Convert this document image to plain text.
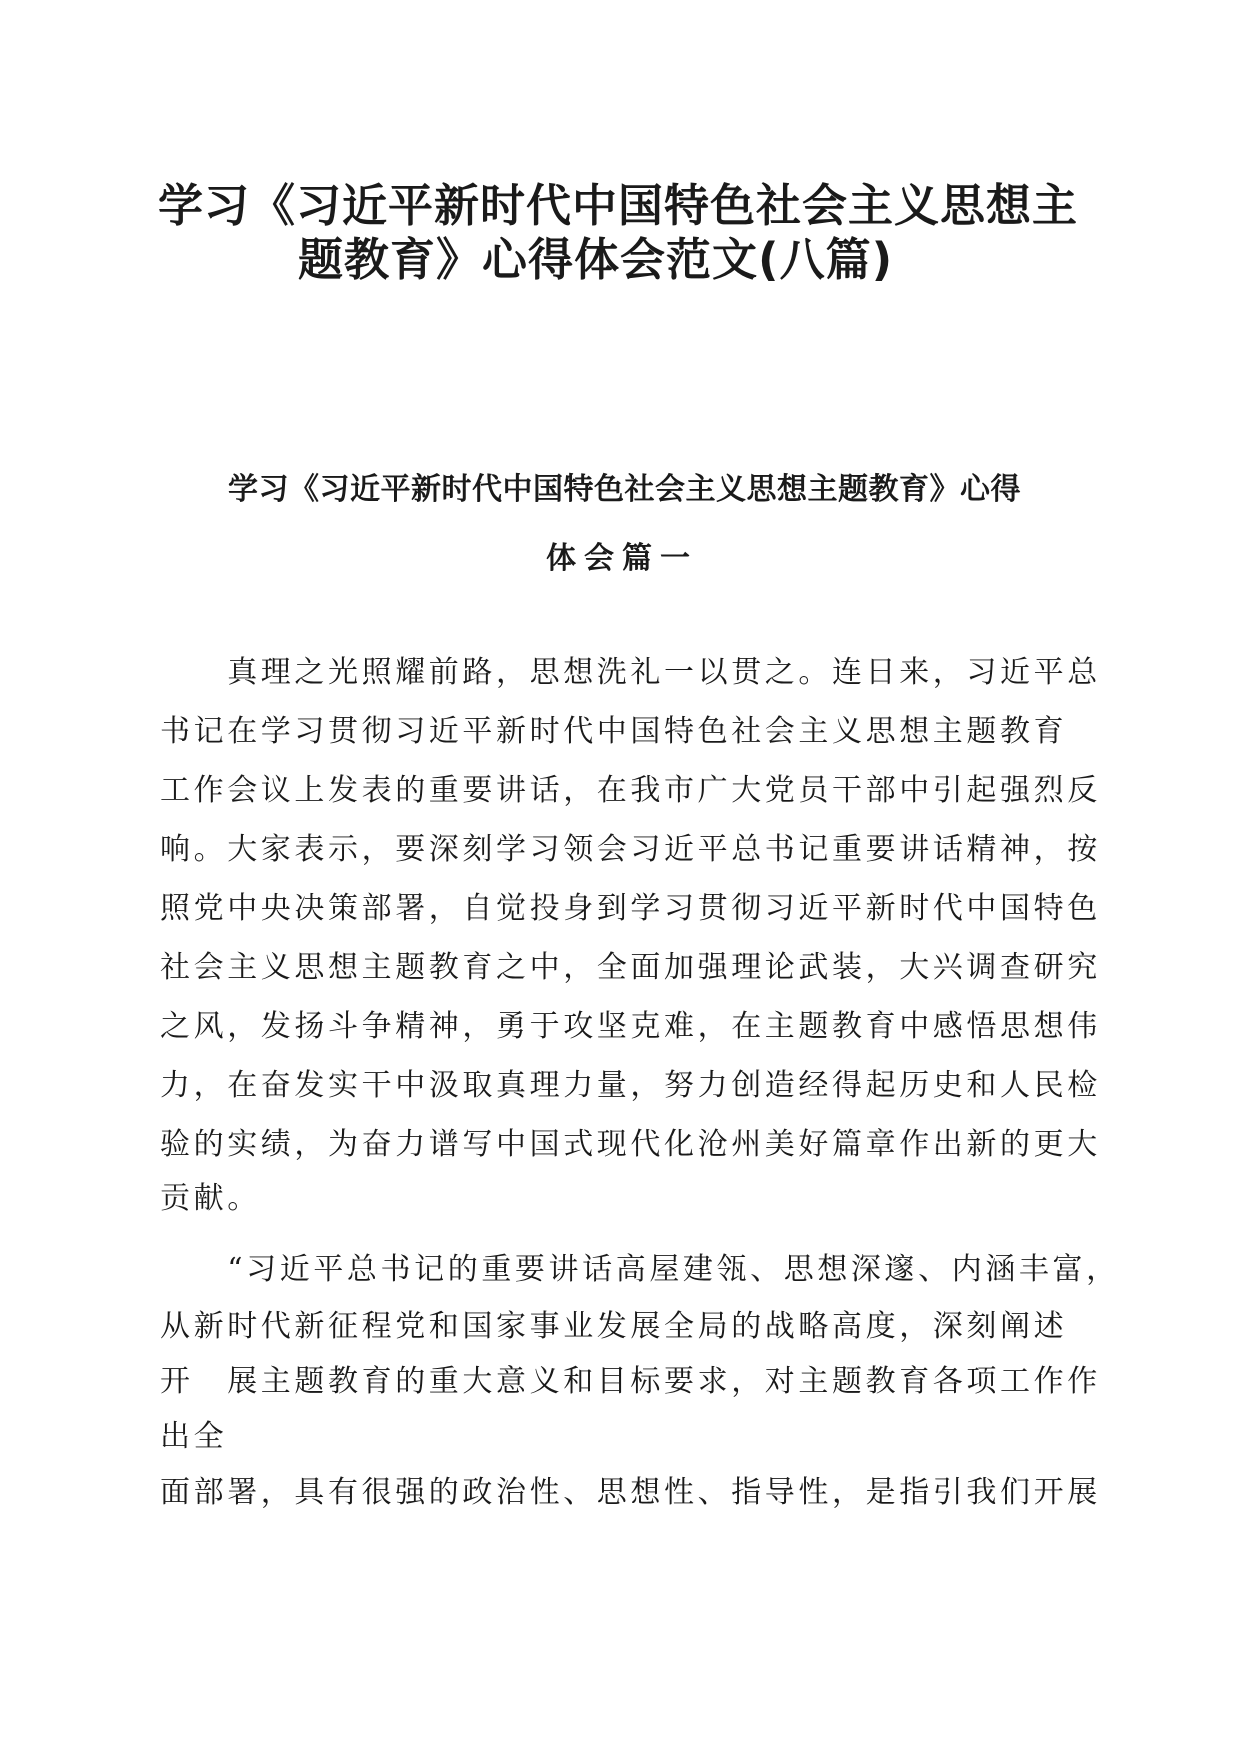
学习《习近平新时代中国特色社会主义思想主
题教育》心得体会范文(八篇)
学习《习近平新时代中国特色社会主义思想主题教育》心得
体会篇一

　　真理之光照耀前路，思想洗礼一以贯之。连日来，习近平总

书记在学习贯彻习近平新时代中国特色社会主义思想主题教育

工作会议上发表的重要讲话，在我市广大党员干部中引起强烈反

响。大家表示，要深刻学习领会习近平总书记重要讲话精神，按

照党中央决策部署，自觉投身到学习贯彻习近平新时代中国特色

社会主义思想主题教育之中，全面加强理论武装，大兴调查研究

之风，发扬斗争精神，勇于攻坚克难，在主题教育中感悟思想伟

力，在奋发实干中汲取真理力量，努力创造经得起历史和人民检

验的实绩，为奋力谱写中国式现代化沧州美好篇章作出新的更大

贡献。

　　“习近平总书记的重要讲话高屋建瓴、思想深邃、内涵丰富，

从新时代新征程党和国家事业发展全局的战略高度，深刻阐述

开　展主题教育的重大意义和目标要求，对主题教育各项工作作

出全

面部署，具有很强的政治性、思想性、指导性，是指引我们开展
